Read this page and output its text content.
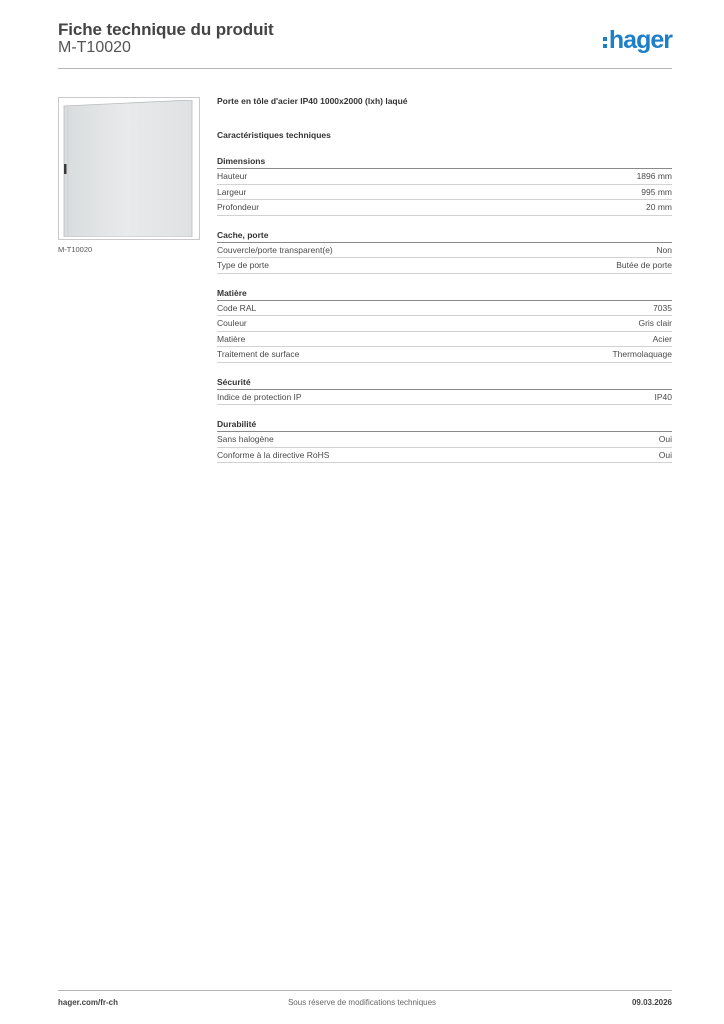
Fiche technique du produit
M-T10020	hager
M-T10020
Porte en tôle d'acier IP40 1000x2000 (lxh) laqué
Caractéristiques techniques
Dimensions
Hauteur	1896 mm
Largeur	995 mm
Profondeur	20 mm
Cache, porte
Couvercle/porte transparent(e)	Non
Type de porte	Butée de porte
Matière
Code RAL	7035
Couleur	Gris clair
Matière	Acier
Traitement de surface	Thermolaquage
Sécurité
Indice de protection IP	IP40
Durabilité
Sans halogène	Oui
Conforme à la directive RoHS	Oui
hager.com/fr-ch	Sous réserve de modifications techniques	09.03.2026
